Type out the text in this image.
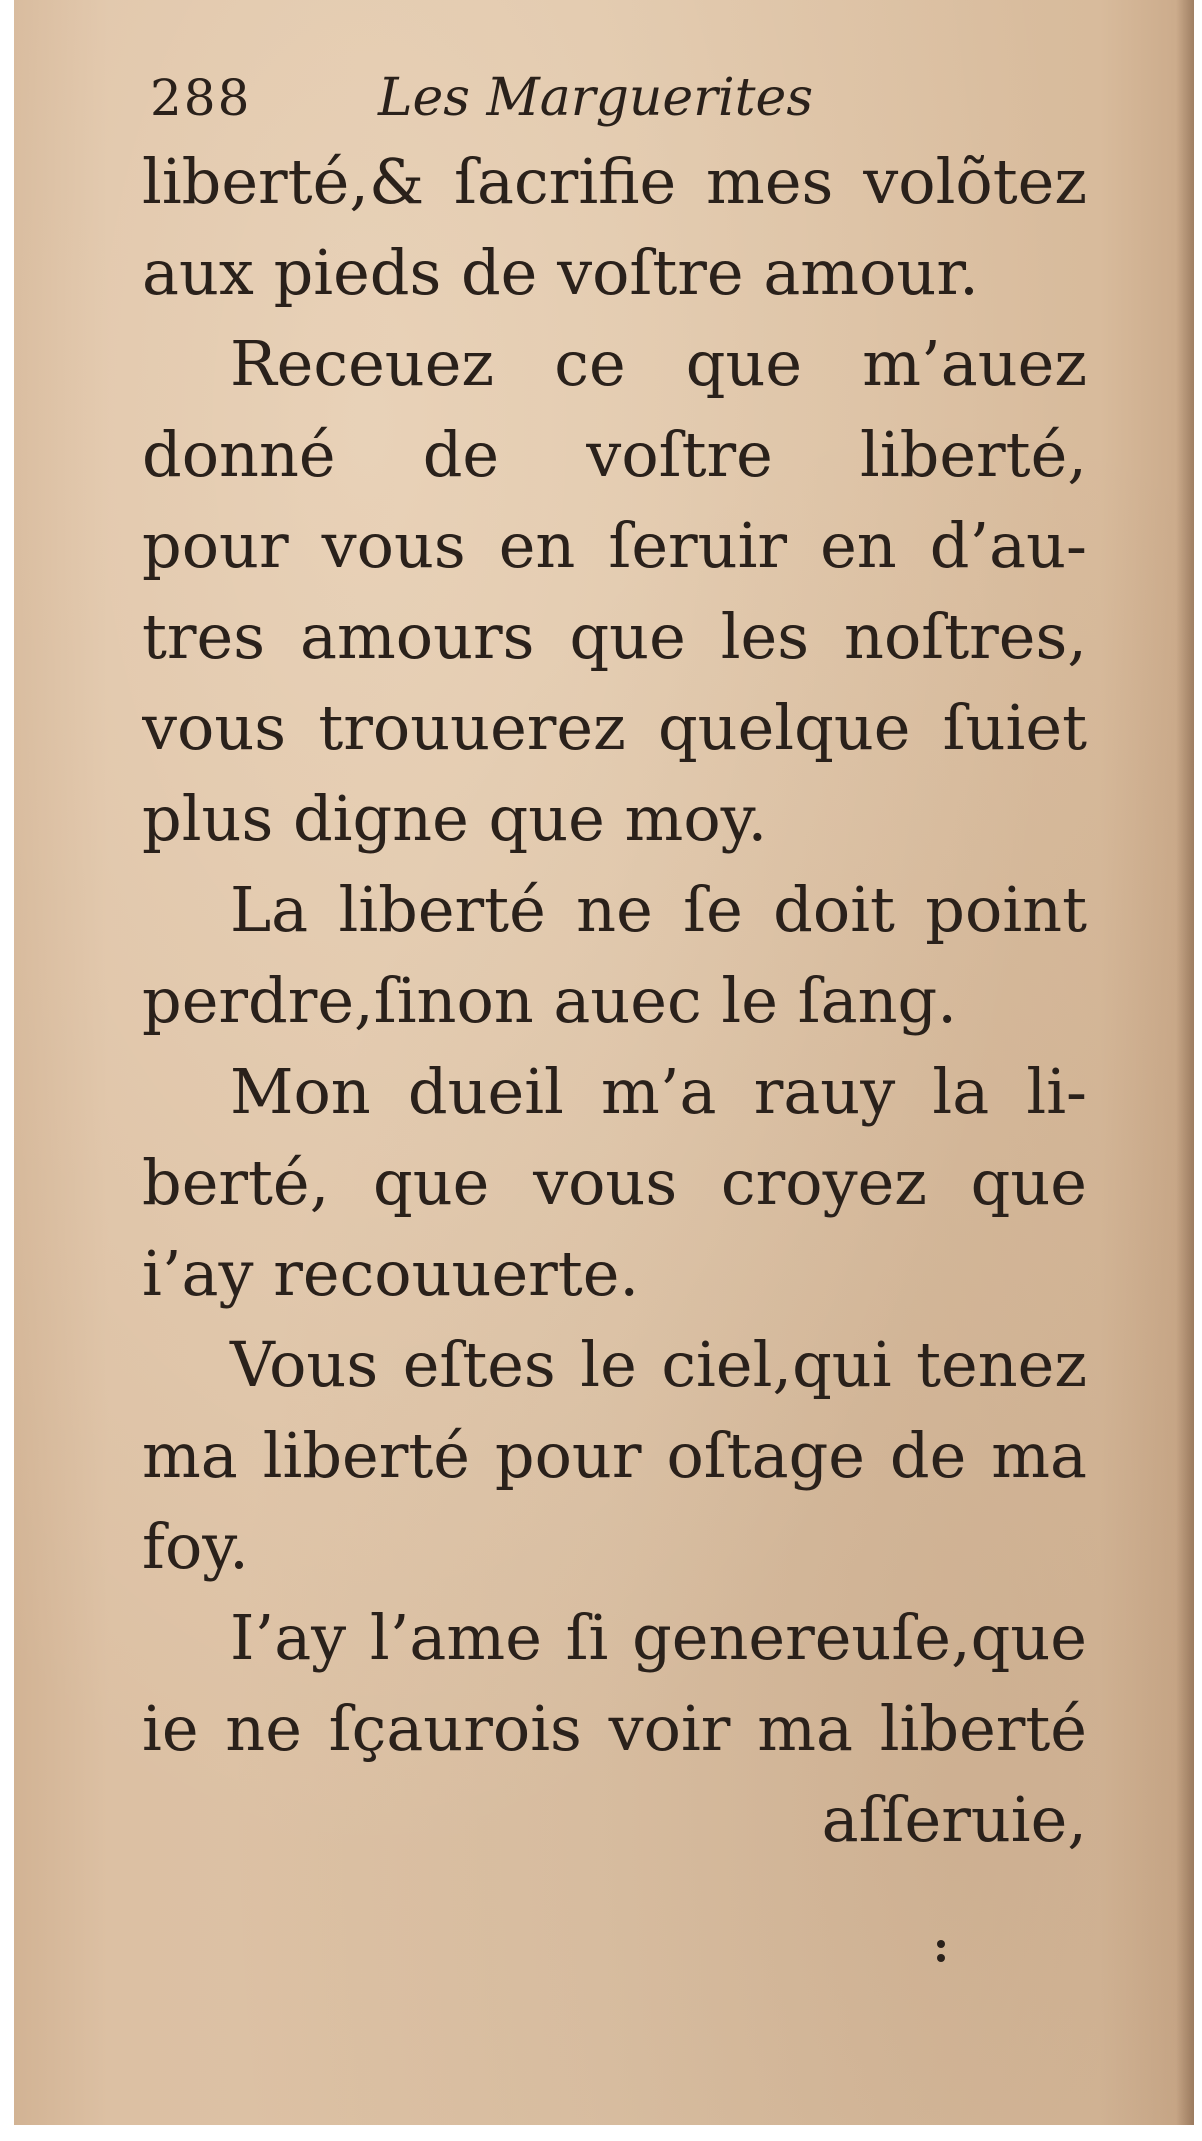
288 Les Marguerites
liberté,& ſacrifie mes volõtez
aux pieds de voſtre amour.
Receuez ce que m’auez
donné de voſtre liberté,
pour vous en ſeruir en d’au-
tres amours que les noſtres,
vous trouuerez quelque ſuiet
plus digne que moy.
La liberté ne ſe doit point
perdre,ſinon auec le ſang.
Mon dueil m’a rauy la li-
berté, que vous croyez que
i’ay recouuerte.
Vous eſtes le ciel,qui tenez
ma liberté pour oſtage de ma
foy.
I’ay l’ame ſi genereuſe,que
ie ne ſçaurois voir ma liberté
aſſeruie,
